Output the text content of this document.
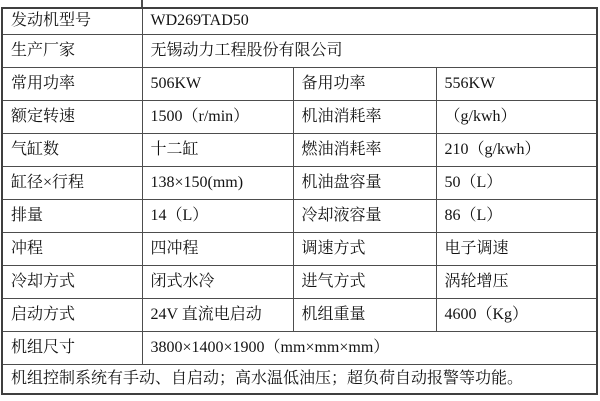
发动机型号	WD269TAD50		
生产厂家	无锡动力工程股份有限公司		
常用功率	506KW	备用功率	556KW
额定转速	1500（r/min）	机油消耗率	（g/kwh）
气缸数	十二缸	燃油消耗率	210（g/kwh）
缸径×行程	138×150(mm)	机油盘容量	50（L）
排量	14（L）	冷却液容量	86（L）
冲程	四冲程	调速方式	电子调速
冷却方式	闭式水冷	进气方式	涡轮增压
启动方式	24V 直流电启动	机组重量	4600（Kg）
机组尺寸	3800×1400×1900（mm×mm×mm）		
机组控制系统有手动、自启动；高水温低油压；超负荷自动报警等功能。			
